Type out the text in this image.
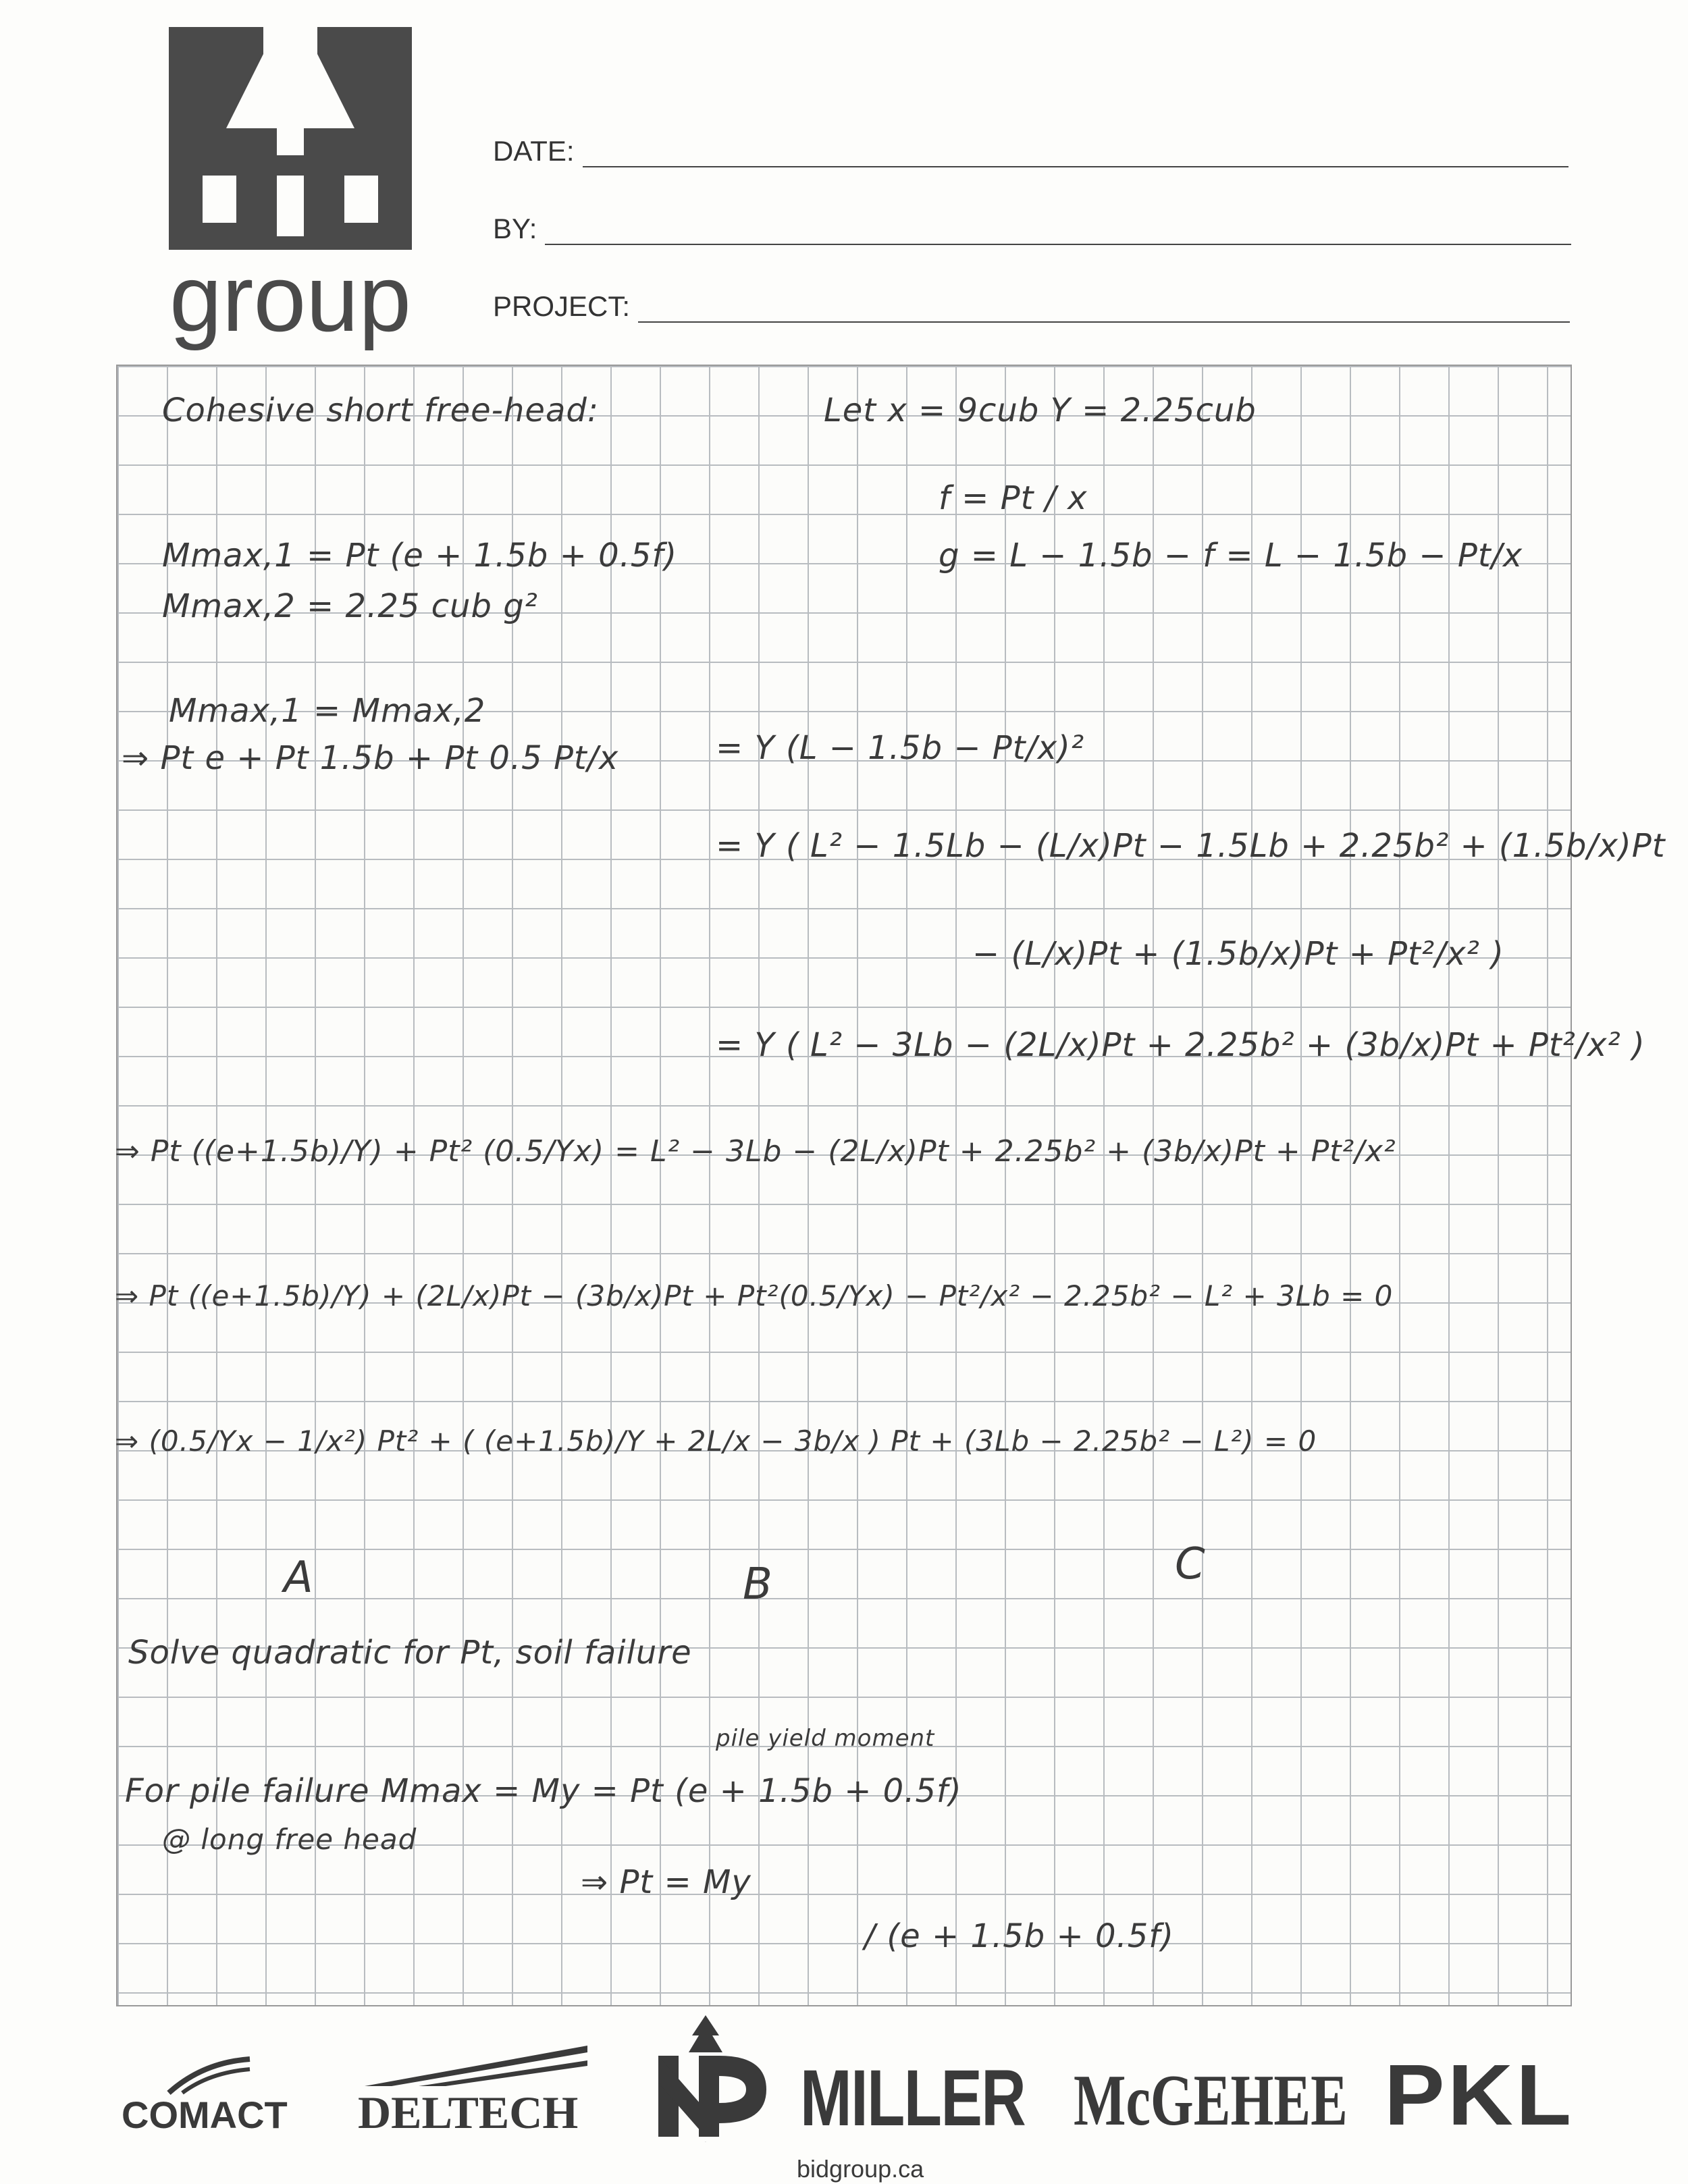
group
DATE:
BY:
PROJECT:
Cohesive short free-head:	Let x = 9cub Y = 2.25cub
f = Pt / x
g = L − 1.5b − f = L − 1.5b − Pt/x
Mmax,1 = Pt (e + 1.5b + 0.5f)
Mmax,2 = 2.25 cub g²
Mmax,1 = Mmax,2
⇒ Pt e + Pt 1.5b + Pt 0.5 Pt/x	= Y (L − 1.5b − Pt/x)²
= Y ( L² − 1.5Lb − (L/x)Pt − 1.5Lb + 2.25b² + (1.5b/x)Pt
− (L/x)Pt + (1.5b/x)Pt + Pt²/x² )
= Y ( L² − 3Lb − (2L/x)Pt + 2.25b² + (3b/x)Pt + Pt²/x² )
⇒ Pt ((e+1.5b)/Y) + Pt² (0.5/Yx) = L² − 3Lb − (2L/x)Pt + 2.25b² + (3b/x)Pt + Pt²/x²
⇒ Pt ((e+1.5b)/Y) + (2L/x)Pt − (3b/x)Pt + Pt²(0.5/Yx) − Pt²/x² − 2.25b² − L² + 3Lb = 0
⇒ (0.5/Yx − 1/x²) Pt² + ( (e+1.5b)/Y + 2L/x − 3b/x ) Pt + (3Lb − 2.25b² − L²) = 0
A	B	C
Solve quadratic for Pt, soil failure
pile yield moment
For pile failure Mmax = My = Pt (e + 1.5b + 0.5f)
@ long free head
⇒ Pt = My
/ (e + 1.5b + 0.5f)
COMACT DELTECH
MP MILLER McGEHEE PKL
bidgroup.ca
